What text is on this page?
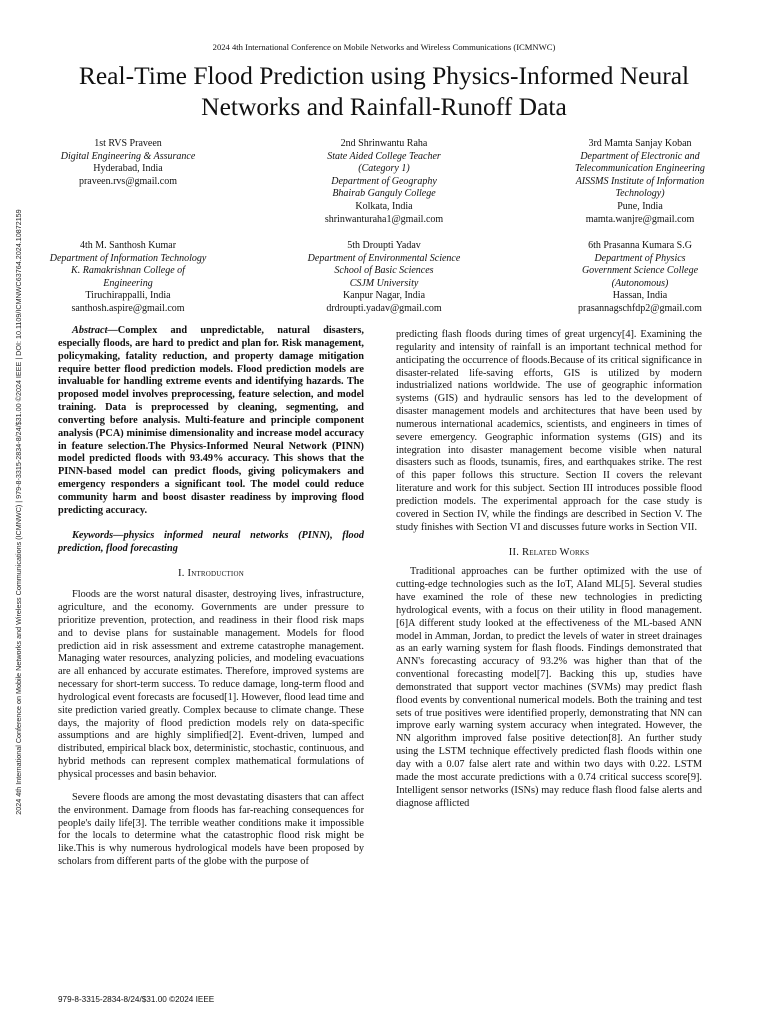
2024 4th International Conference on Mobile Networks and Wireless Communications (ICMNWC)
Real-Time Flood Prediction using Physics-Informed Neural Networks and Rainfall-Runoff Data
1st RVS Praveen
Digital Engineering & Assurance
Hyderabad, India
praveen.rvs@gmail.com
2nd Shrinwantu Raha
State Aided College Teacher
(Category 1)
Department of Geography
Bhairab Ganguly College
Kolkata, India
shrinwanturaha1@gmail.com
3rd Mamta Sanjay Koban
Department of Electronic and
Telecommunication Engineering
AISSMS Institute of Information
Technology)
Pune, India
mamta.wanjre@gmail.com
4th M. Santhosh Kumar
Department of Information Technology
K. Ramakrishnan College of
Engineering
Tiruchirappalli, India
santhosh.aspire@gmail.com
5th Droupti Yadav
Department of Environmental Science
School of Basic Sciences
CSJM University
Kanpur Nagar, India
drdroupti.yadav@gmail.com
6th Prasanna Kumara S.G
Department of Physics
Government Science College
(Autonomous)
Hassan, India
prasannagschfdp2@gmail.com
2024 4th International Conference on Mobile Networks and Wireless Communications (ICMNWC) | 979-8-3315-2834-8/24/$31.00 ©2024 IEEE | DOI: 10.1109/ICMNWC63764.2024.10872159	Abstract—Complex and unpredictable, natural disasters, especially floods, are hard to predict and plan for. Risk management, policymaking, fatality reduction, and property damage mitigation require better flood prediction models. Flood prediction models are invaluable for handling extreme events and identifying hazards. The proposed model involves preprocessing, feature selection, and model training. Data is preprocessed by cleaning, segmenting, and converting before analysis. Multi-feature and principle component analysis (PCA) minimise dimensionality and increase model accuracy in feature selection.The Physics-Informed Neural Network (PINN) model predicted floods with 93.49% accuracy. This shows that the PINN-based model can predict floods, giving policymakers and emergency responders a significant tool. The model could reduce community harm and boost disaster readiness by improving flood predicting accuracy.

Keywords—physics informed neural networks (PINN), flood prediction, flood forecasting

I. Introduction

Floods are the worst natural disaster, destroying lives, infrastructure, agriculture, and the economy. Governments are under pressure to prioritize prevention, protection, and readiness in their flood risk maps and to devise plans for sustainable management. Models for flood prediction aid in risk assessment and extreme catastrophe management. Managing water resources, analyzing policies, and modeling evacuations are all enhanced by accurate estimates. Therefore, improved systems are necessary for short-term success. To reduce damage, long-term flood and hydrological event forecasts are focused[1]. However, flood lead time and site prediction varied greatly. Complex because to climate change. These days, the majority of flood prediction models rely on data-specific assumptions and are highly simplified[2]. Event-driven, lumped and distributed, empirical black box, deterministic, stochastic, continuous, and hybrid methods can represent complex mathematical formulations of physical processes and basin behavior.

Severe floods are among the most devastating disasters that can affect the environment. Damage from floods has far-reaching consequences for people's daily life[3]. The terrible weather conditions make it impossible for the locals to determine what the catastrophic flood risk might be like.This is why numerous hydrological models have been proposed by scholars from different parts of the globe with the purpose of

predicting flash floods during times of great urgency[4]. Examining the regularity and intensity of rainfall is an important technical method for anticipating the occurrence of floods.Because of its critical significance in disaster-related life-saving efforts, GIS is utilized by modern industrialized nations worldwide. The use of geographic information systems (GIS) and hydraulic sensors has led to the development of disaster management models and architectures that have been used by numerous international academics, scientists, and engineers in times of severe emergency. Geographic information systems (GIS) and its integration into disaster management become visible when natural disasters such as floods, tsunamis, fires, and earthquakes strike. The rest of this paper follows this structure. Section II covers the relevant literature and work for this subject. Section III introduces possible flood prediction models. The experimental approach for the case study is covered in Section IV, while the findings are described in Section V. The study finishes with Section VI and discusses future works in Section VII.

II. Related Works

Traditional approaches can be further optimized with the use of cutting-edge technologies such as the IoT, AIand ML[5]. Several studies have examined the role of these new technologies in predicting hydrological events, with a focus on their utility in flood management. [6]A different study looked at the effectiveness of the ML-based ANN model in Amman, Jordan, to predict the levels of water in street drainages as an early warning system for flash floods. Findings demonstrated that ANN's forecasting accuracy of 93.2% was higher than that of the conventional forecasting model[7]. Backing this up, studies have demonstrated that support vector machines (SVMs) may predict flash flood events by conventional numerical models. Both the training and test sets of true positives were identified properly, demonstrating that NN can improve early warning system accuracy when integrated. However, the NN algorithm improved false positive detection[8]. An further study using the LSTM technique effectively predicted flash floods within one day with a 0.07 false alert rate and within two days with 0.22. LSTM made the most accurate predictions with a 0.74 critical success score[9]. Intelligent sensor networks (ISNs) may reduce flash flood false alerts and diagnose afflicted

979-8-3315-2834-8/24/$31.00 ©2024 IEEE
